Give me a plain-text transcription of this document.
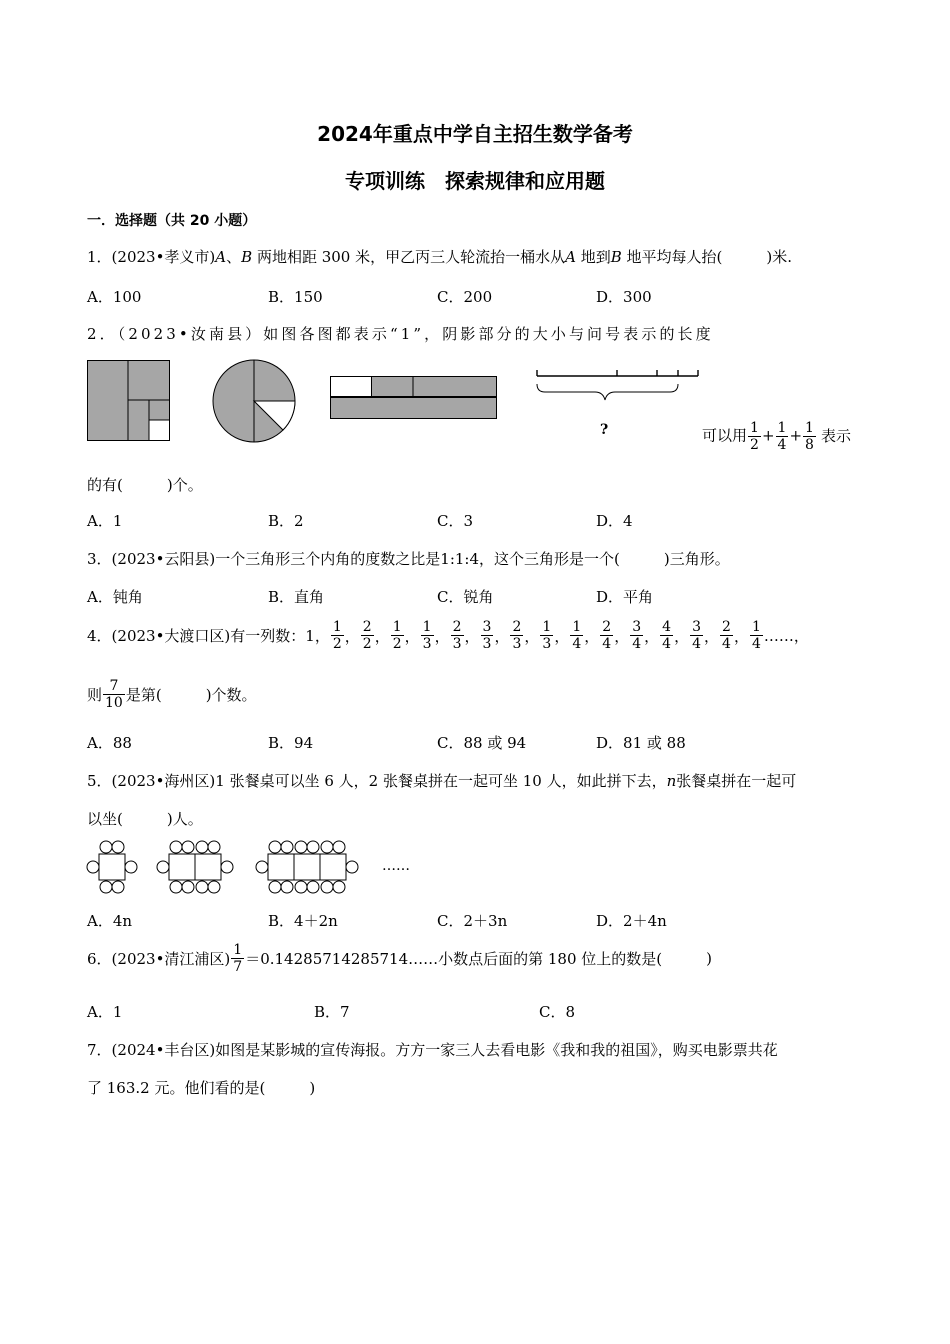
2024年重点中学自主招生数学备考
专项训练　探索规律和应用题
一．选择题（共 20 小题）
1．(2023•孝义市)A、B 两地相距 300 米，甲乙丙三人轮流抬一桶水从A 地到B 地平均每人抬(	)米.
A．100	B．150	C．200	D．300
2．（2023•汝南县）如图各图都表示“1”，阴影部分的大小与问号表示的长度
?	可以用 $\frac{1}{2} + \frac{1}{4} + \frac{1}{8}$ 表示
的有(	)个。
A．1	B．2	C．3	D．4
3．(2023•云阳县)一个三角形三个内角的度数之比是1:1:4，这个三角形是一个(	)三角形。
A．钝角	B．直角	C．锐角	D．平角
4．(2023•大渡口区)有一列数：1， $\frac{1}{2}$ ， $\frac{2}{2}$ ， $\frac{1}{2}$ ， $\frac{1}{3}$ ， $\frac{2}{3}$ ， $\frac{3}{3}$ ， $\frac{2}{3}$ ， $\frac{1}{3}$ ， $\frac{1}{4}$ ， $\frac{2}{4}$ ， $\frac{3}{4}$ ， $\frac{4}{4}$ ， $\frac{3}{4}$ ， $\frac{2}{4}$ ， $\frac{1}{4}$ ……，
则 $\frac{7}{10}$ 是第(	)个数。
A．88	B．94	C．88 或 94	D．81 或 88
5．(2023•海州区)1 张餐桌可以坐 6 人，2 张餐桌拼在一起可坐 10 人，如此拼下去，n张餐桌拼在一起可
以坐(	)人。
……
A．4n	B．4＋2n	C．2＋3n	D．2＋4n
6．(2023•清江浦区) $\frac{1}{7}$ ＝0.14285714285714……小数点后面的第 180 位上的数是(	)
A．1	B．7	C．8
7．(2024•丰台区)如图是某影城的宣传海报。方方一家三人去看电影《我和我的祖国》，购买电影票共花
了 163.2 元。他们看的是(	)
